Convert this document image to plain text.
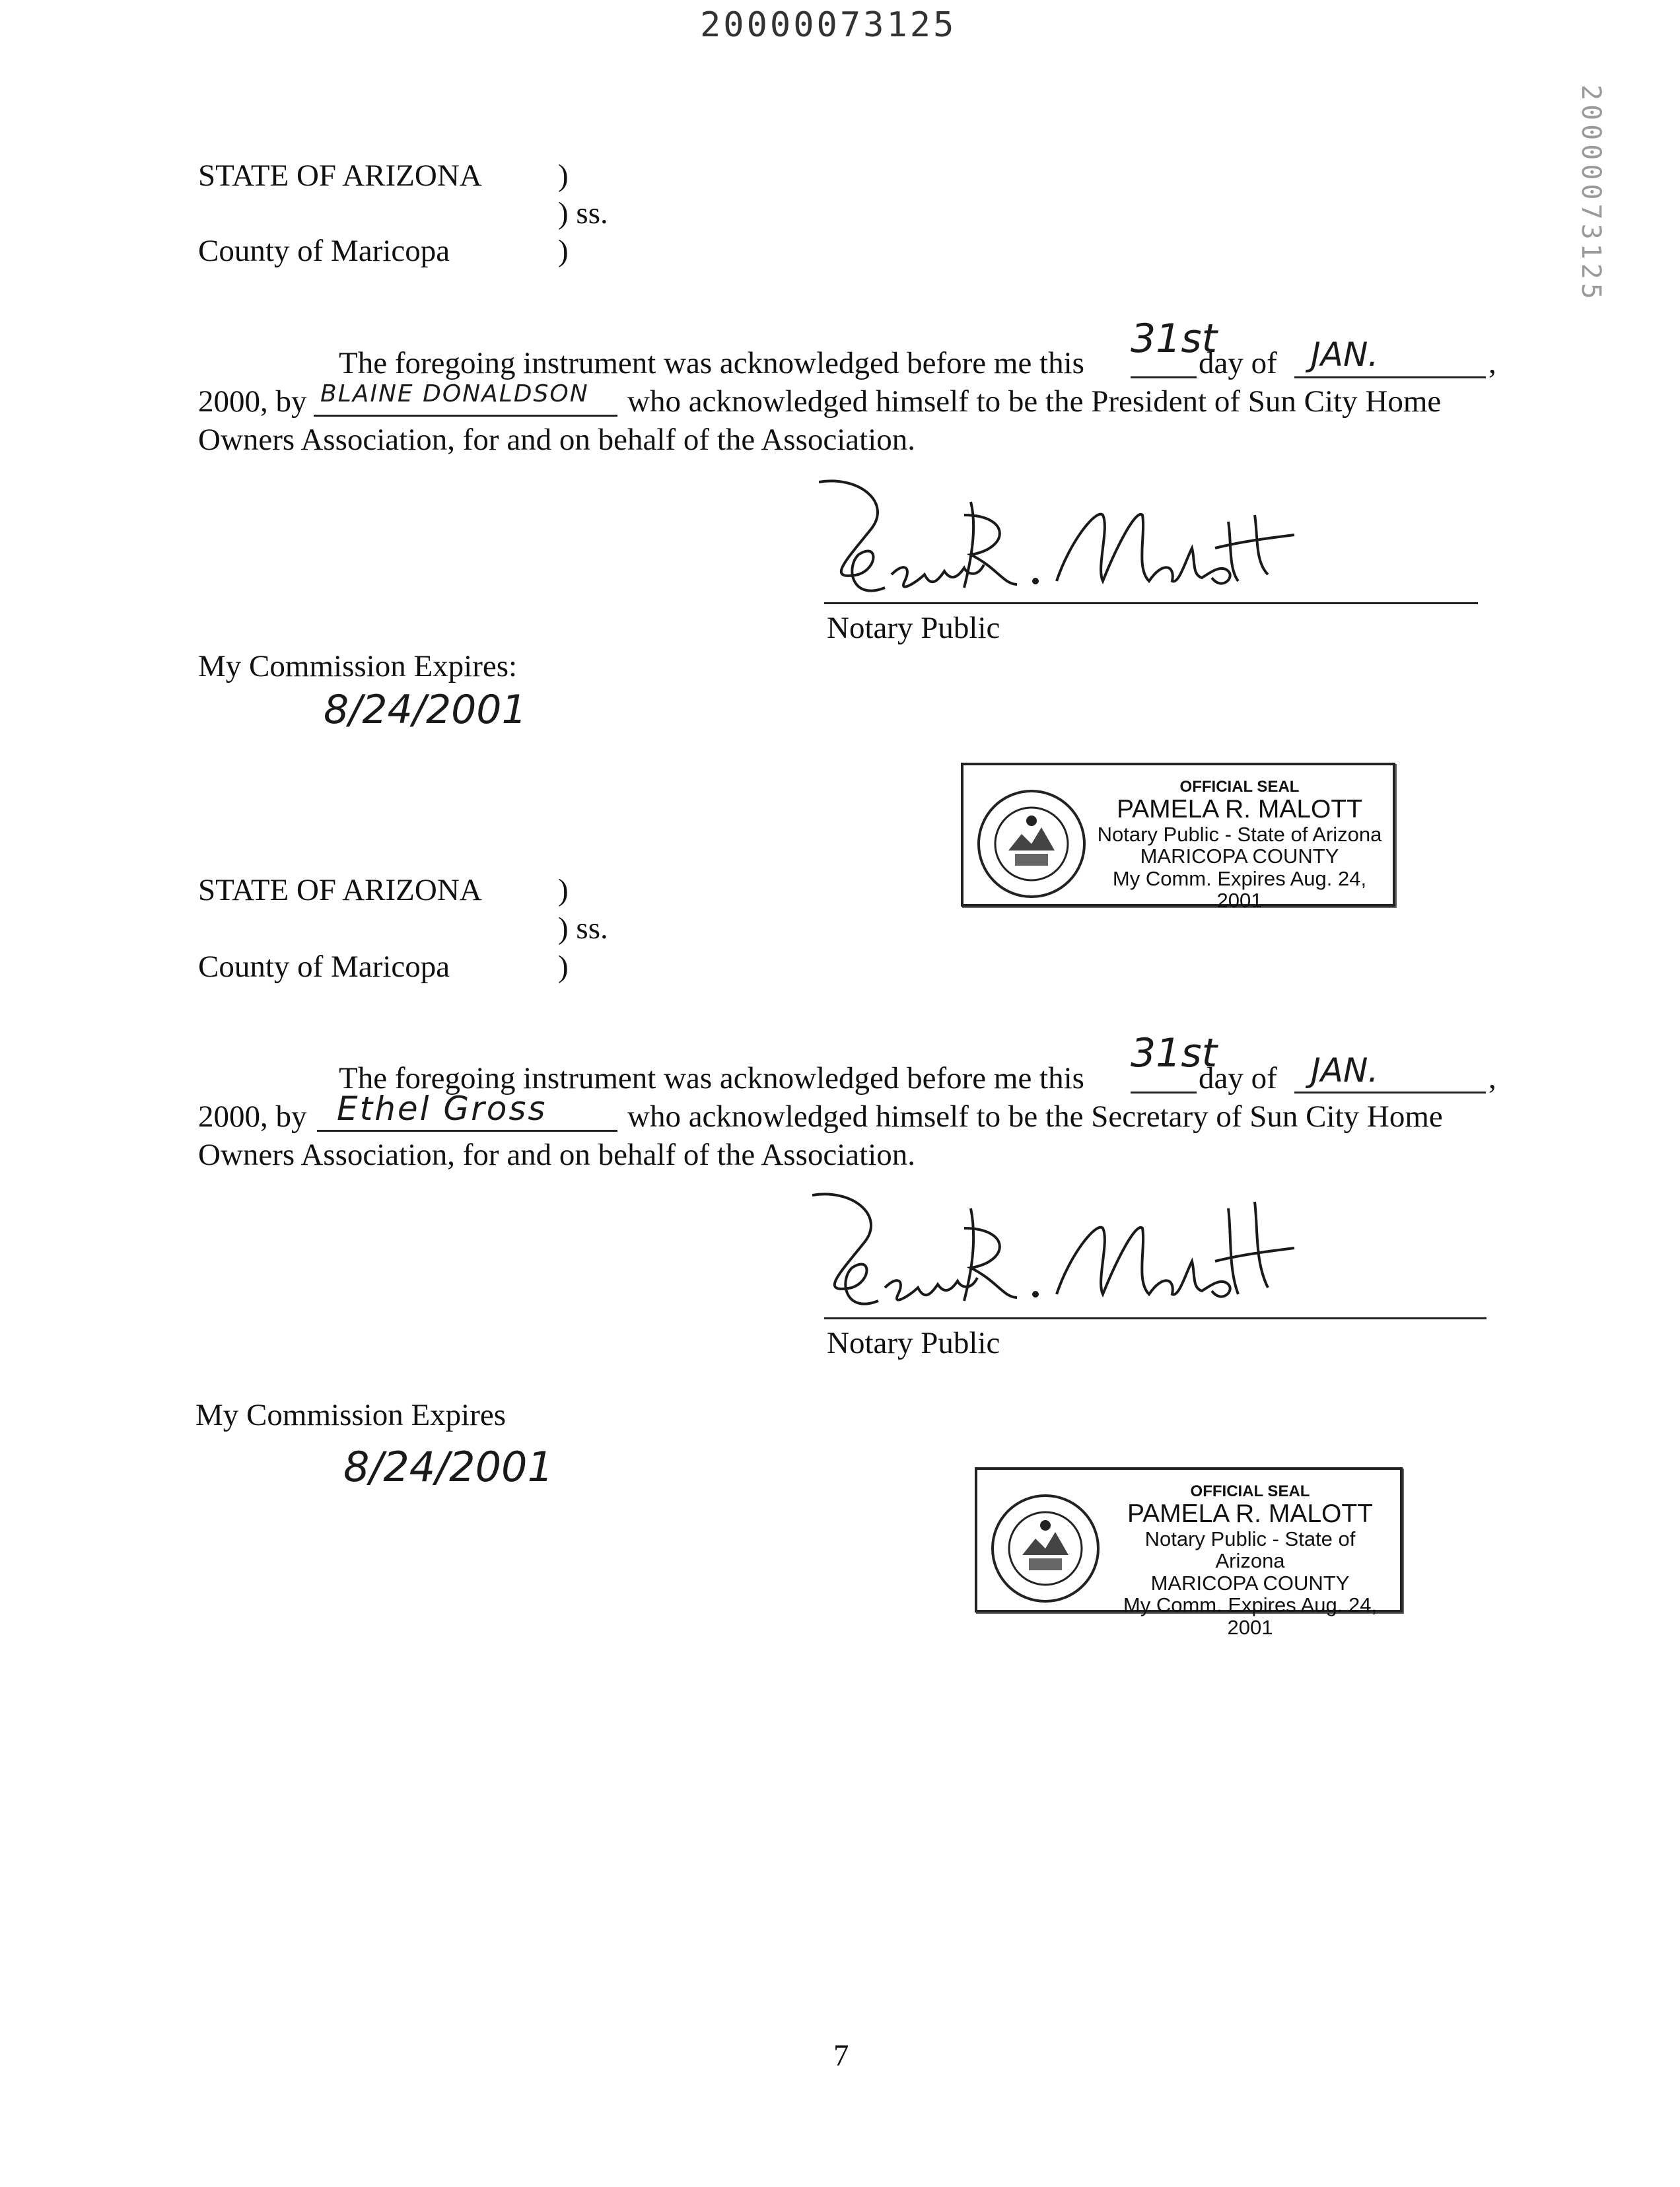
20000073125
20000073125
STATE OF ARIZONA )
) ss.
County of Maricopa	)
The foregoing instrument was acknowledged before me this
31st
day of JAN.	,
2000, by BLAINE DONALDSON who acknowledged himself to be the President of Sun City Home
Owners Association, for and on behalf of the Association.
Pamela R. Malott
Notary Public
My Commission Expires:
8/24/2001
OFFICIAL SEAL
PAMELA R. MALOTT
Notary Public - State of Arizona
MARICOPA COUNTY
My Comm. Expires Aug. 24, 2001
STATE OF ARIZONA )
) ss.
County of Maricopa	)
The foregoing instrument was acknowledged before me this
31st
day of JAN.	,
2000, by Ethel Gross	who acknowledged himself to be the Secretary of Sun City Home
Owners Association, for and on behalf of the Association.
Pamela R. Malott
Notary Public
My Commission Expires
8/24/2001
OFFICIAL SEAL
PAMELA R. MALOTT
Notary Public - State of Arizona
MARICOPA COUNTY
My Comm. Expires Aug. 24, 2001
7
